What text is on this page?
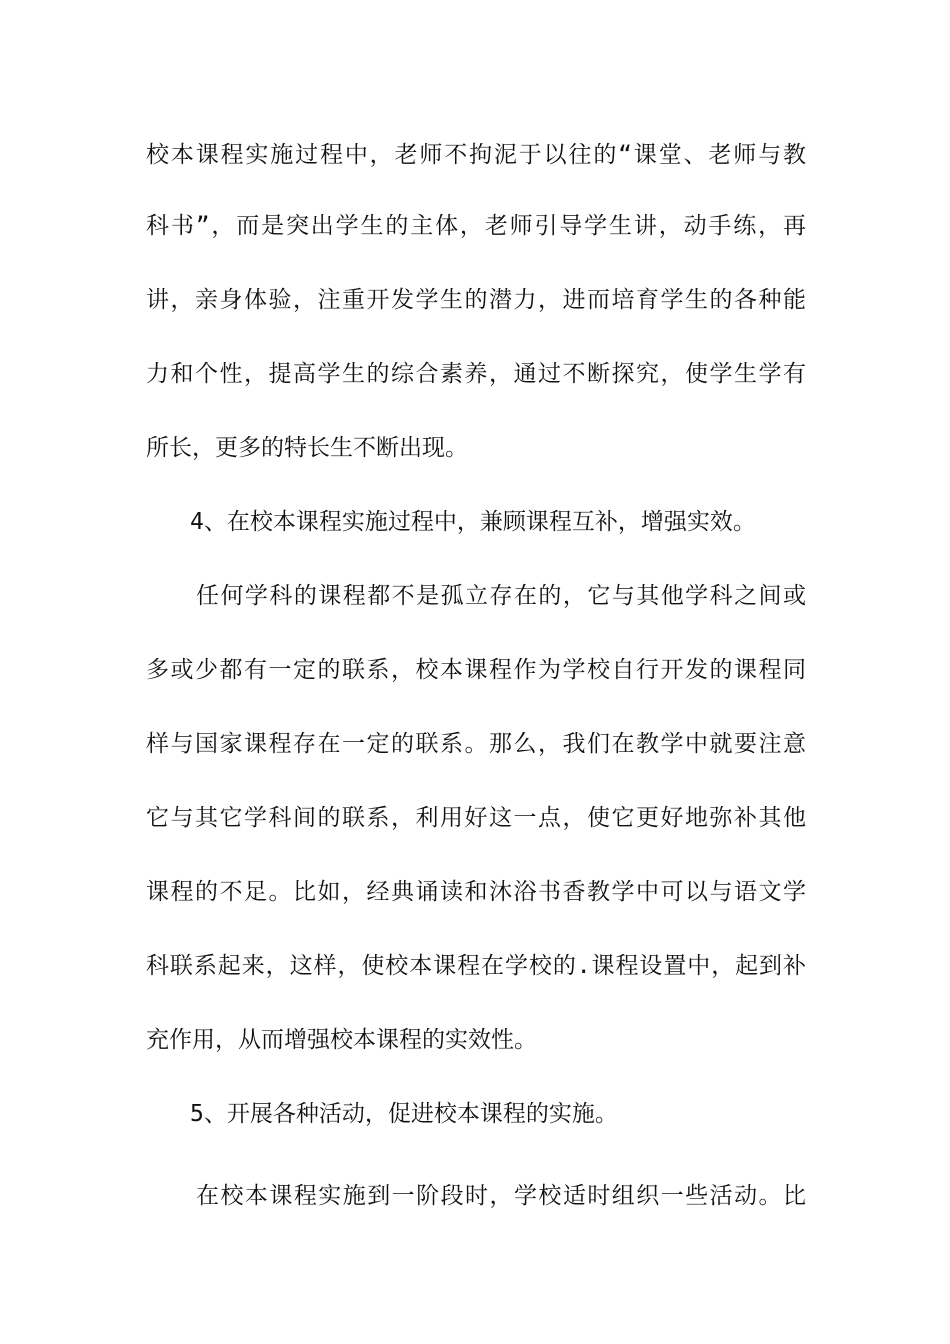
校本课程实施过程中，老师不拘泥于以往的“课堂、老师与教
科书”，而是突出学生的主体，老师引导学生讲，动手练，再
讲，亲身体验，注重开发学生的潜力，进而培育学生的各种能
力和个性，提高学生的综合素养，通过不断探究，使学生学有
所长，更多的特长生不断出现。
4、在校本课程实施过程中，兼顾课程互补，增强实效。
任何学科的课程都不是孤立存在的，它与其他学科之间或
多或少都有一定的联系，校本课程作为学校自行开发的课程同
样与国家课程存在一定的联系。那么，我们在教学中就要注意
它与其它学科间的联系，利用好这一点，使它更好地弥补其他
课程的不足。比如，经典诵读和沐浴书香教学中可以与语文学
科联系起来，这样，使校本课程在学校的.课程设置中，起到补
充作用，从而增强校本课程的实效性。
5、开展各种活动，促进校本课程的实施。
在校本课程实施到一阶段时，学校适时组织一些活动。比
